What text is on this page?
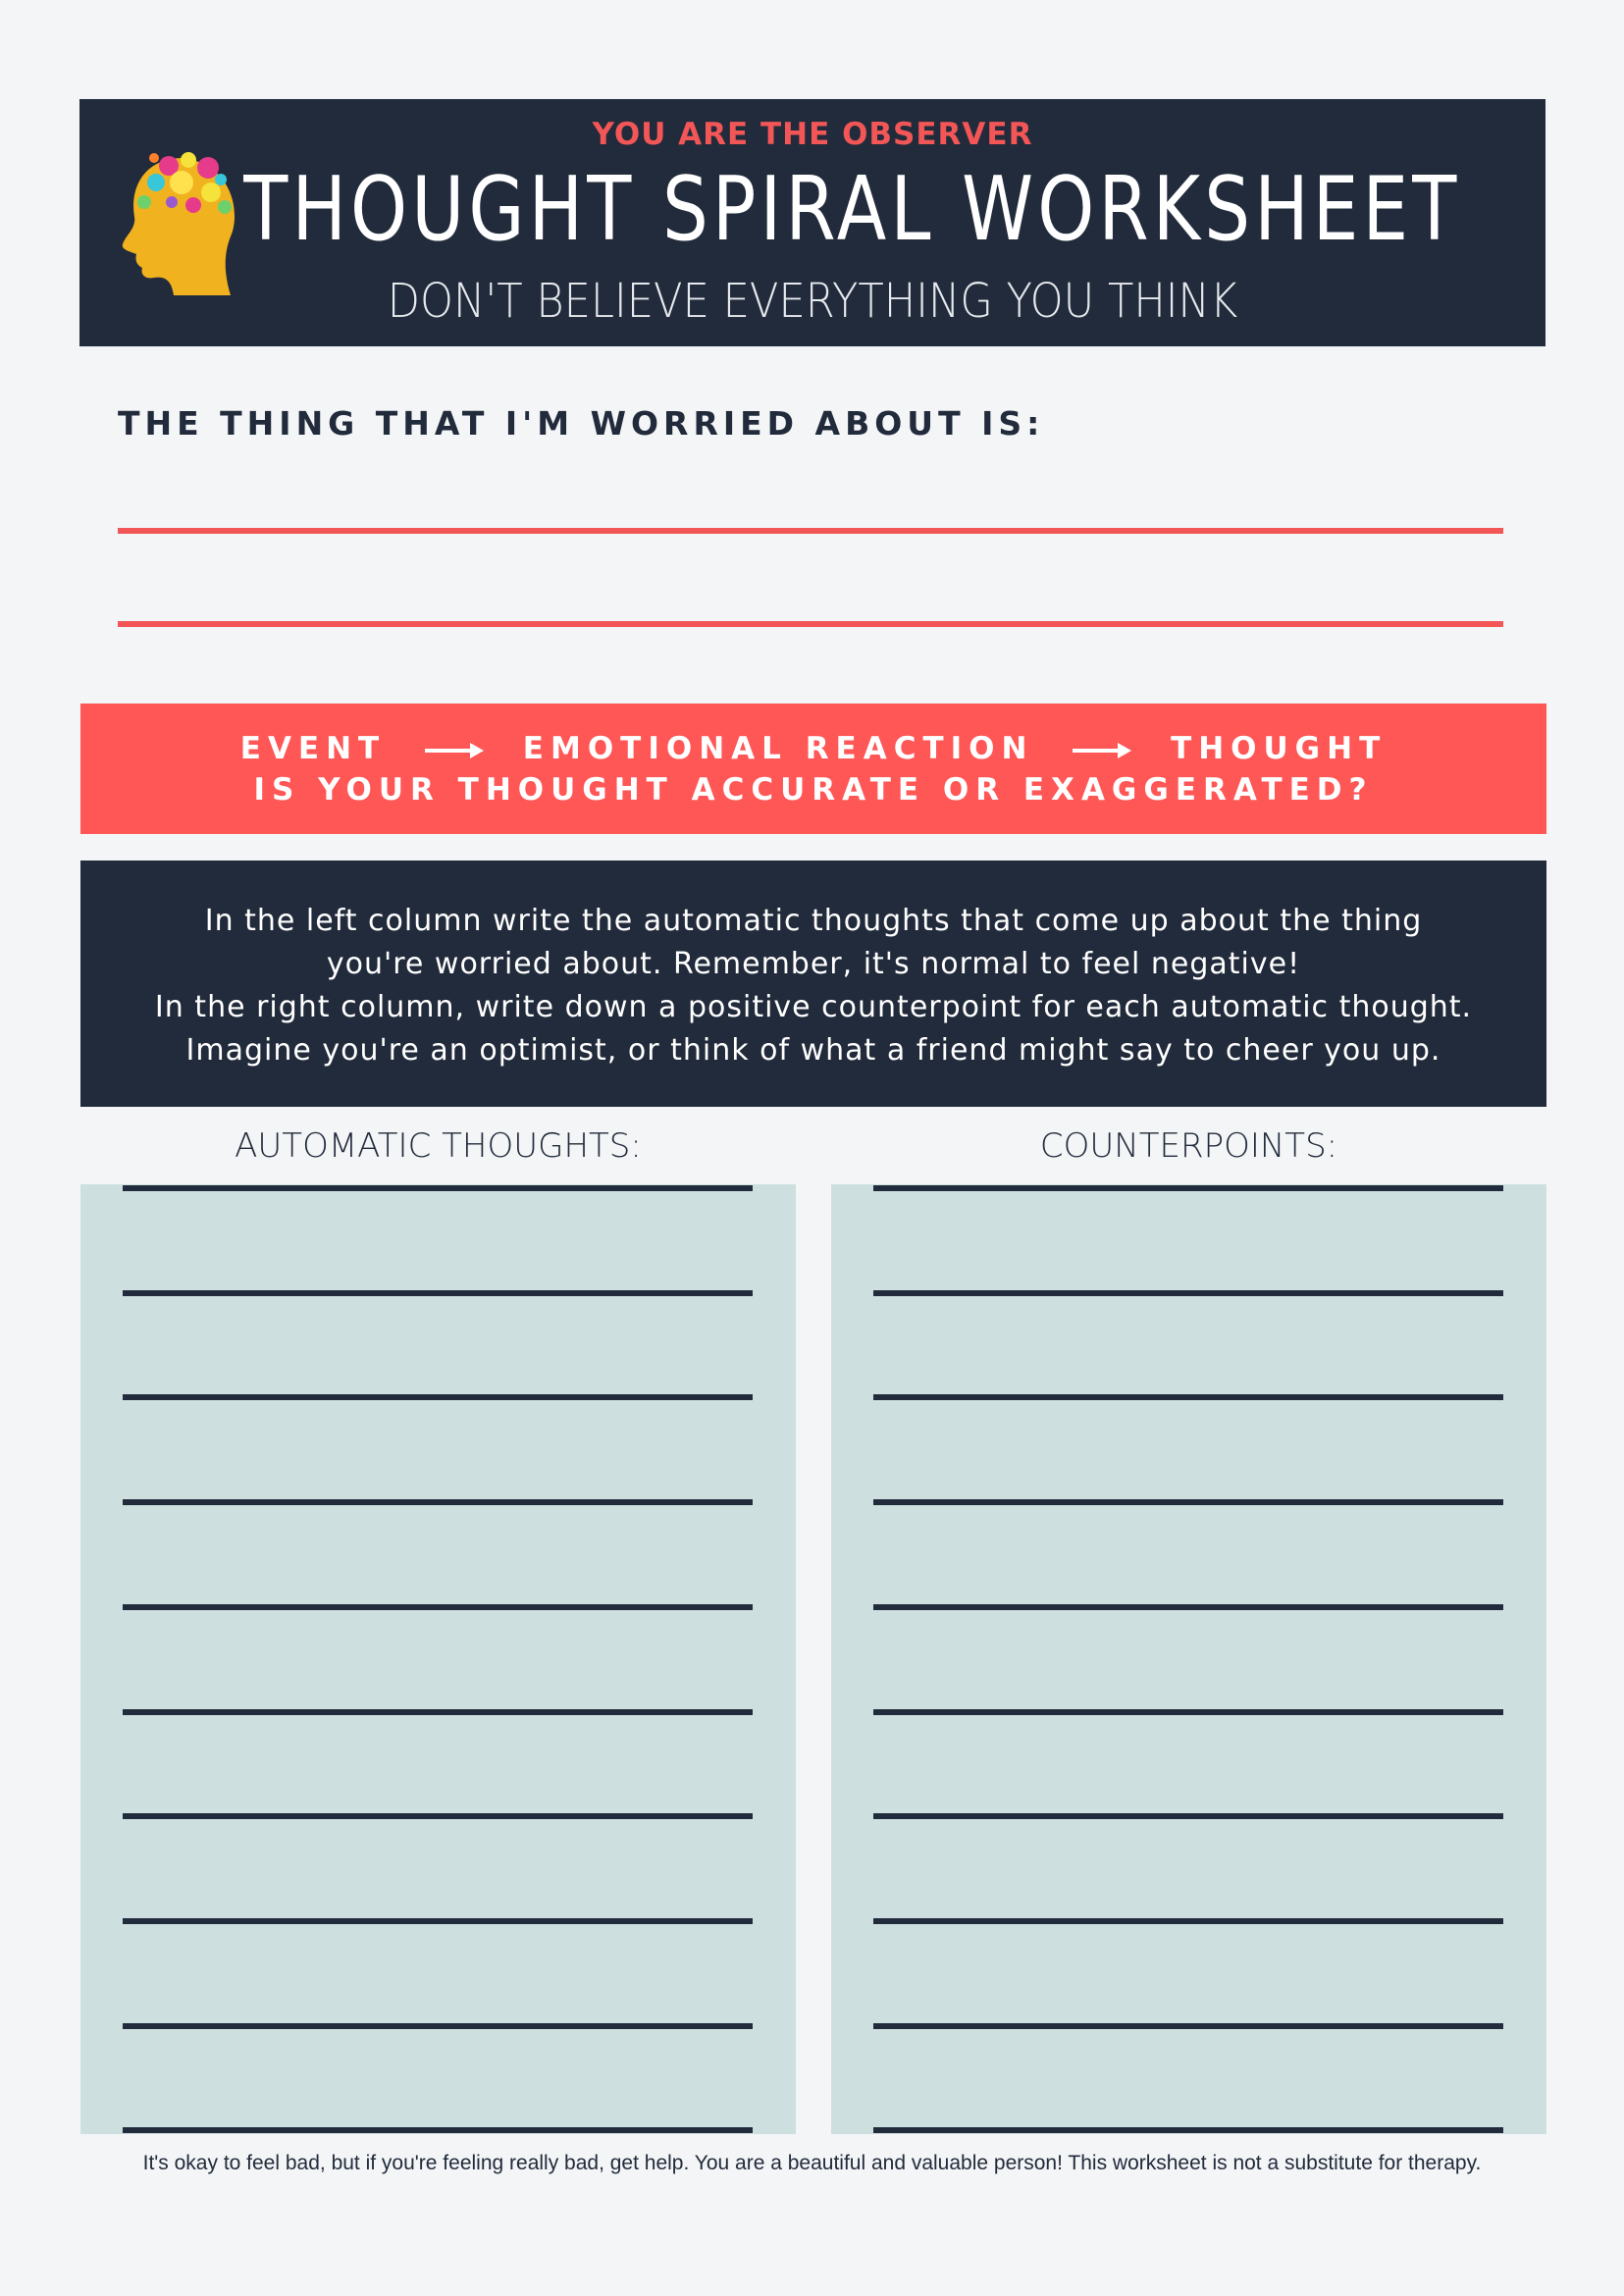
YOU ARE THE OBSERVER
THOUGHT SPIRAL WORKSHEET
DON'T BELIEVE EVERYTHING YOU THINK
THE THING THAT I'M WORRIED ABOUT IS:
EVENT	EMOTIONAL REACTION	THOUGHT
IS YOUR THOUGHT ACCURATE OR EXAGGERATED?
In the left column write the automatic thoughts that come up about the thing
you're worried about. Remember, it's normal to feel negative!
In the right column, write down a positive counterpoint for each automatic thought.
Imagine you're an optimist, or think of what a friend might say to cheer you up.
AUTOMATIC THOUGHTS:	COUNTERPOINTS:
It's okay to feel bad, but if you're feeling really bad, get help. You are a beautiful and valuable person! This worksheet is not a substitute for therapy.
